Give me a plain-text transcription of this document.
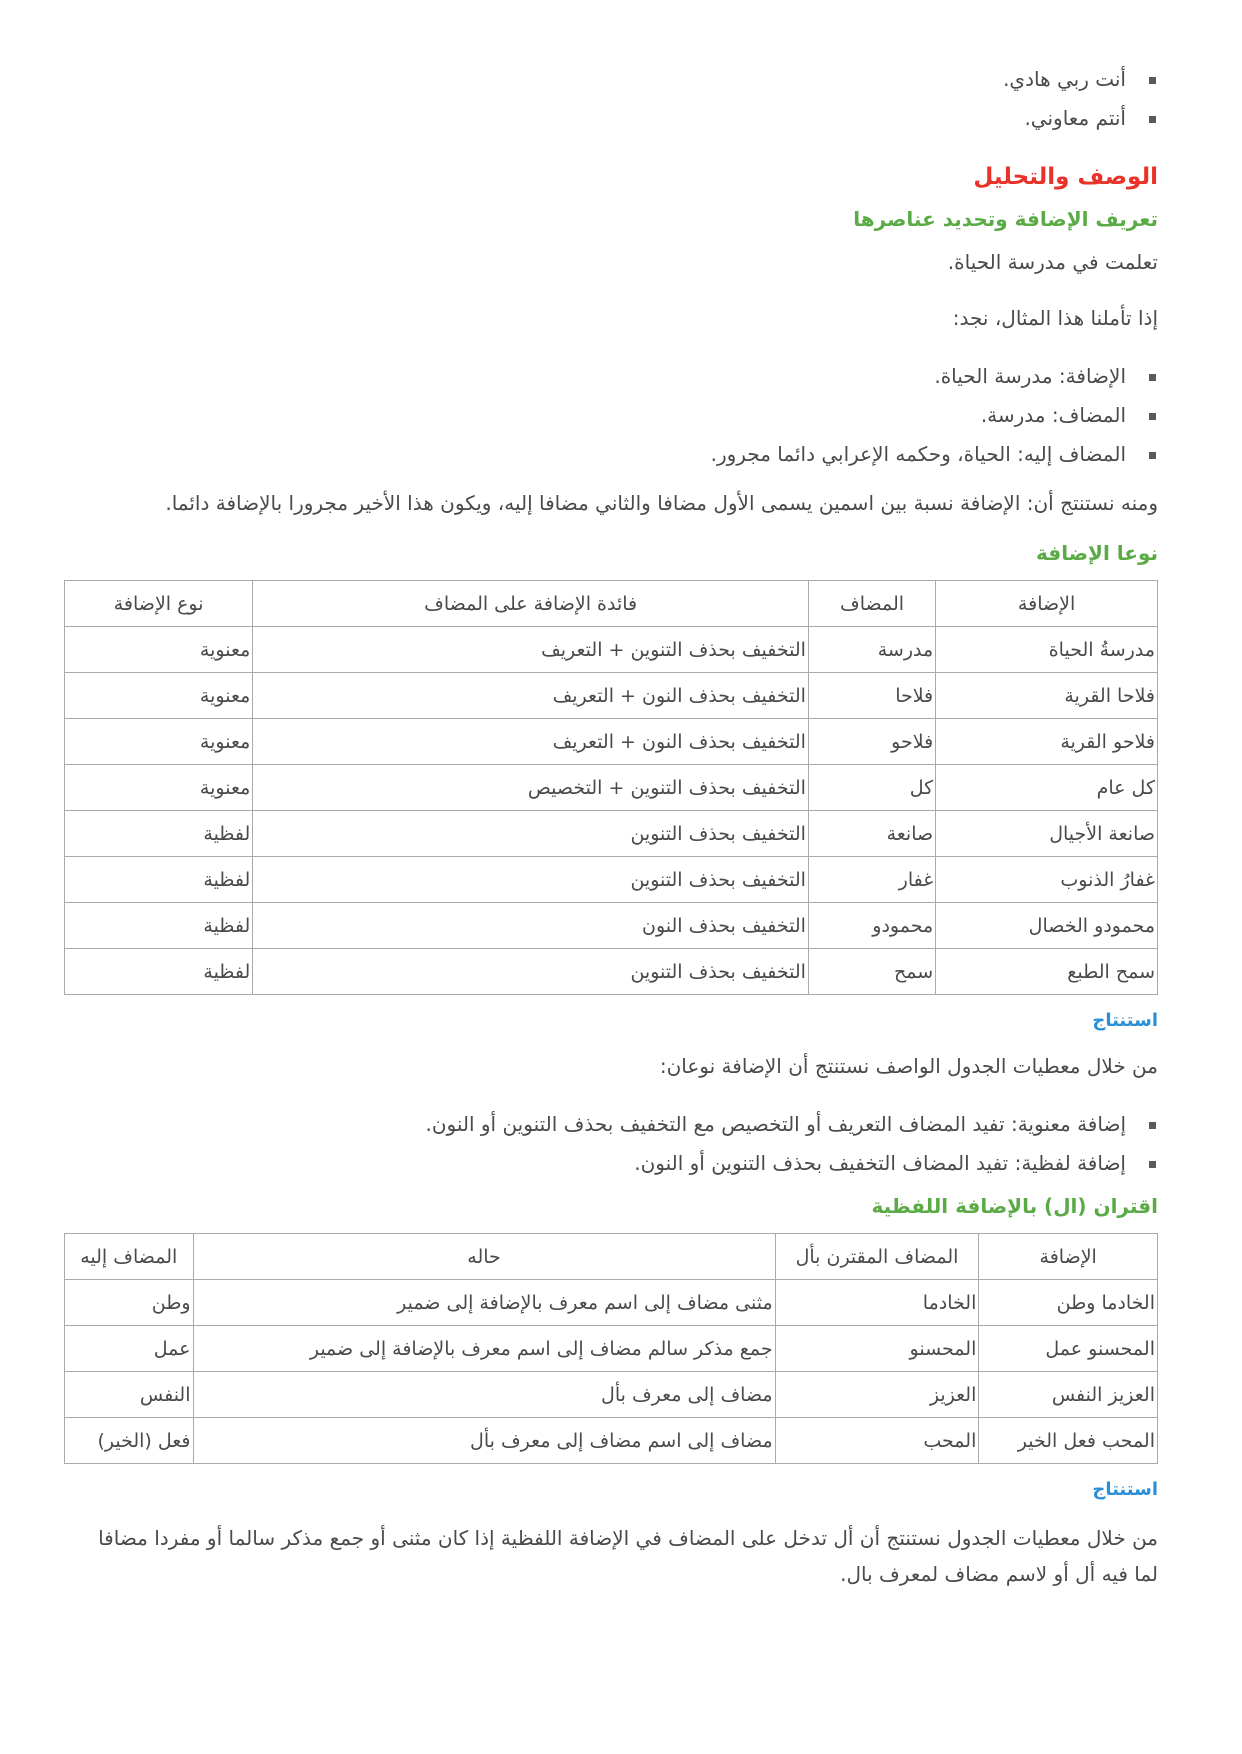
أنت ربي هادي.
أنتم معاوني.
الوصف والتحليل
تعريف الإضافة وتحديد عناصرها

تعلمت في مدرسة الحياة.

إذا تأملنا هذا المثال، نجد:

الإضافة: مدرسة الحياة.
المضاف: مدرسة.
المضاف إليه: الحياة، وحكمه الإعرابي دائما مجرور.

ومنه نستنتج أن: الإضافة نسبة بين اسمين يسمى الأول مضافا والثاني مضافا إليه، ويكون هذا الأخير مجرورا بالإضافة دائما.

نوعا الإضافة
الإضافة	المضاف	فائدة الإضافة على المضاف	نوع الإضافة
مدرسةُ الحياة	مدرسة	التخفيف بحذف التنوين + التعريف	معنوية
فلاحا القرية	فلاحا	التخفيف بحذف النون + التعريف	معنوية
فلاحو القرية	فلاحو	التخفيف بحذف النون + التعريف	معنوية
كل عام	كل	التخفيف بحذف التنوين + التخصيص	معنوية
صانعة الأجيال	صانعة	التخفيف بحذف التنوين	لفظية
غفارُ الذنوب	غفار	التخفيف بحذف التنوين	لفظية
محمودو الخصال	محمودو	التخفيف بحذف النون	لفظية
سمح الطبع	سمح	التخفيف بحذف التنوين	لفظية
استنتاج

من خلال معطيات الجدول الواصف نستنتج أن الإضافة نوعان:

إضافة معنوية: تفيد المضاف التعريف أو التخصيص مع التخفيف بحذف التنوين أو النون.
إضافة لفظية: تفيد المضاف التخفيف بحذف التنوين أو النون.
اقتران (ال) بالإضافة اللفظية
الإضافة	المضاف المقترن بأل	حاله	المضاف إليه
الخادما وطن	الخادما	مثنى مضاف إلى اسم معرف بالإضافة إلى ضمير	وطن
المحسنو عمل	المحسنو	جمع مذكر سالم مضاف إلى اسم معرف بالإضافة إلى ضمير	عمل
العزيز النفس	العزيز	مضاف إلى معرف بأل	النفس
المحب فعل الخير	المحب	مضاف إلى اسم مضاف إلى معرف بأل	فعل (الخير)
استنتاج

من خلال معطيات الجدول نستنتج أن أل تدخل على المضاف في الإضافة اللفظية إذا كان مثنى أو جمع مذكر سالما أو مفردا مضافا
لما فيه أل أو لاسم مضاف لمعرف بال.
